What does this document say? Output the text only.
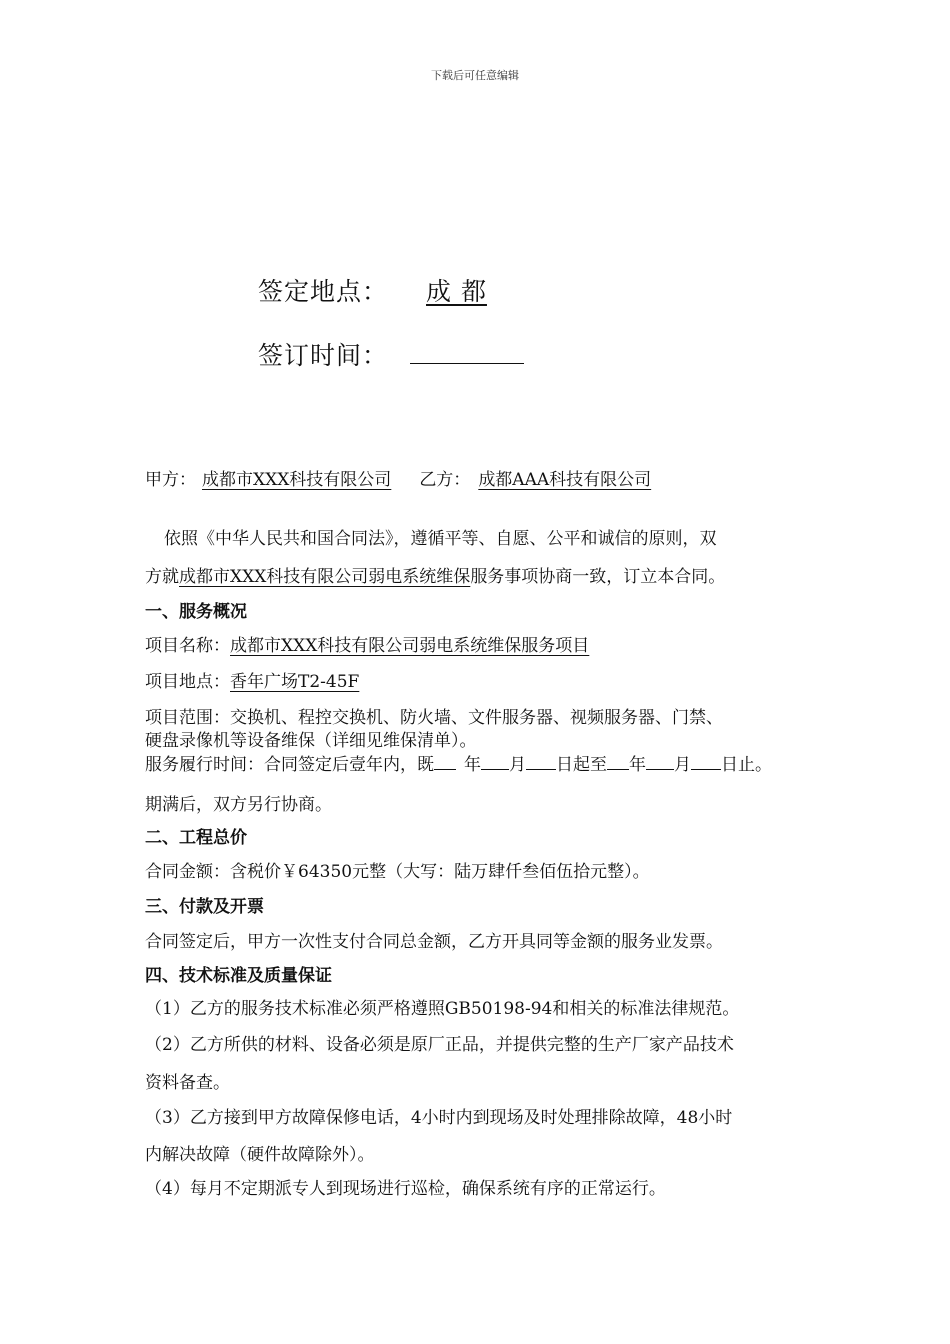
下载后可任意编辑
签定地点： 成 都
签订时间：
甲方： 成都市XXX科技有限公司 乙方： 成都AAA科技有限公司
依照《中华人民共和国合同法》，遵循平等、自愿、公平和诚信的原则，双
方就成都市XXX科技有限公司弱电系统维保服务事项协商一致，订立本合同。
一、服务概况
项目名称：成都市XXX科技有限公司弱电系统维保服务项目
项目地点：香年广场T2-45F
项目范围：交换机、程控交换机、防火墙、文件服务器、视频服务器、门禁、
硬盘录像机等设备维保（详细见维保清单）。
服务履行时间：合同签定后壹年内，既 年 月 日起至 年 月 日止。
期满后，双方另行协商。
二、工程总价
合同金额：含税价￥64350元整（大写：陆万肆仟叁佰伍拾元整）。
三、付款及开票
合同签定后，甲方一次性支付合同总金额，乙方开具同等金额的服务业发票。
四、技术标准及质量保证
（1）乙方的服务技术标准必须严格遵照GB50198-94和相关的标准法律规范。
（2）乙方所供的材料、设备必须是原厂正品，并提供完整的生产厂家产品技术
资料备查。
（3）乙方接到甲方故障保修电话，4小时内到现场及时处理排除故障，48小时
内解决故障（硬件故障除外）。
（4）每月不定期派专人到现场进行巡检，确保系统有序的正常运行。
